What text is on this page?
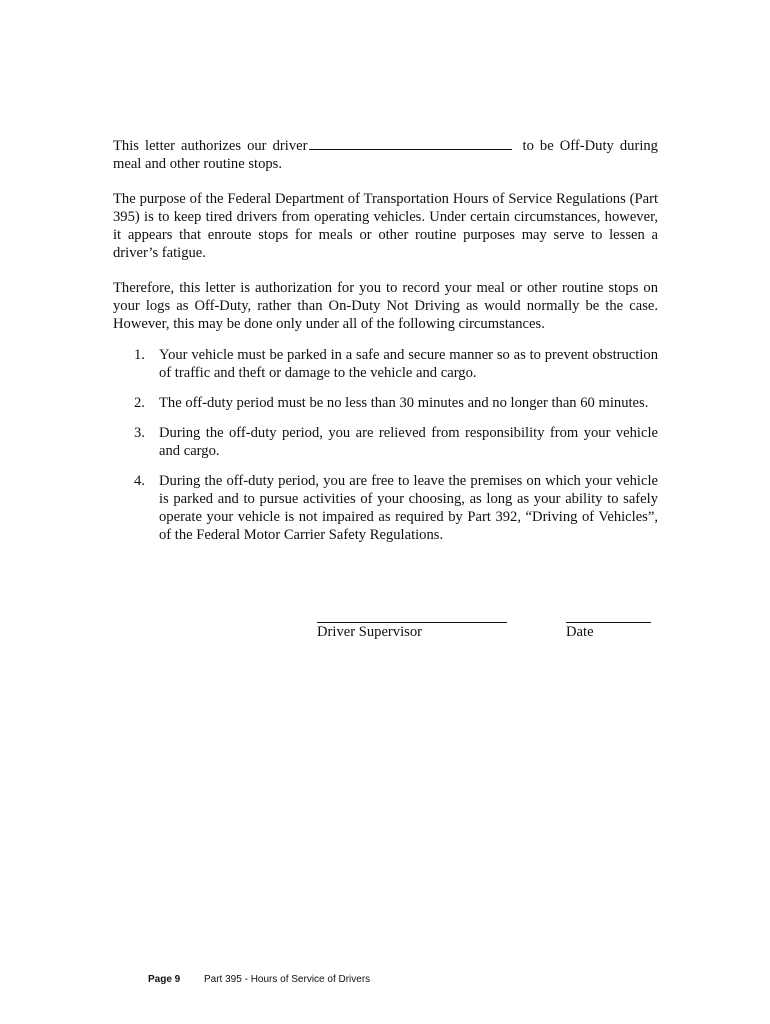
This letter authorizes our driver	to be Off-Duty during meal and other routine stops.

The purpose of the Federal Department of Transportation Hours of Service Regulations (Part 395) is to keep tired drivers from operating vehicles. Under certain circumstances, however, it appears that enroute stops for meals or other routine purposes may serve to lessen a driver’s fatigue.

Therefore, this letter is authorization for you to record your meal or other routine stops on your logs as Off-Duty, rather than On-Duty Not Driving as would normally be the case. However, this may be done only under all of the following circumstances.

1. Your vehicle must be parked in a safe and secure manner so as to prevent obstruction of traffic and theft or damage to the vehicle and cargo.
2. The off-duty period must be no less than 30 minutes and no longer than 60 minutes.
3. During the off-duty period, you are relieved from responsibility from your vehicle and cargo.
4. During the off-duty period, you are free to leave the premises on which your vehicle is parked and to pursue activities of your choosing, as long as your ability to safely operate your vehicle is not impaired as required by Part 392, “Driving of Vehicles”, of the Federal Motor Carrier Safety Regulations.
Driver Supervisor	Date
Page 9 Part 395 - Hours of Service of Drivers
